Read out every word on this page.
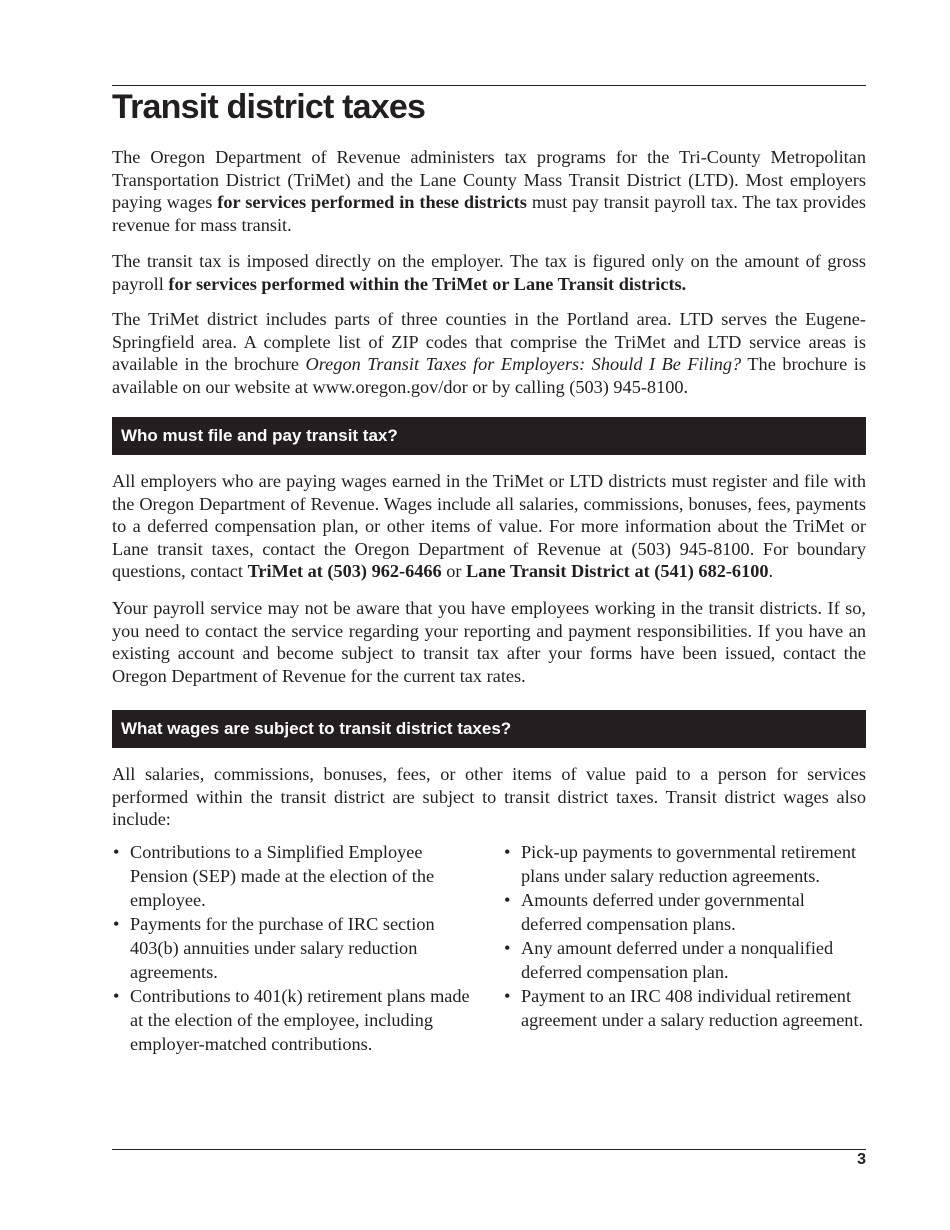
Transit district taxes

The Oregon Department of Revenue administers tax programs for the Tri-County Metropolitan Transportation District (TriMet) and the Lane County Mass Transit District (LTD). Most employers paying wages for services performed in these districts must pay transit payroll tax. The tax provides revenue for mass transit.

The transit tax is imposed directly on the employer. The tax is figured only on the amount of gross payroll for services performed within the TriMet or Lane Transit districts.

The TriMet district includes parts of three counties in the Portland area. LTD serves the Eugene-Springfield area. A complete list of ZIP codes that comprise the TriMet and LTD service areas is available in the brochure Oregon Transit Taxes for Employers: Should I Be Filing? The brochure is available on our website at www.oregon.gov/dor or by calling (503) 945-8100.

Who must file and pay transit tax?

All employers who are paying wages earned in the TriMet or LTD districts must register and file with the Oregon Department of Revenue. Wages include all salaries, commissions, bonuses, fees, payments to a deferred compensation plan, or other items of value. For more information about the TriMet or Lane transit taxes, contact the Oregon Department of Revenue at (503) 945-8100. For boundary questions, contact TriMet at (503) 962-6466 or Lane Transit District at (541) 682-6100.

Your payroll service may not be aware that you have employees working in the transit districts. If so, you need to contact the service regarding your reporting and payment responsibilities. If you have an existing account and become subject to transit tax after your forms have been issued, contact the Oregon Department of Revenue for the current tax rates.

What wages are subject to transit district taxes?

All salaries, commissions, bonuses, fees, or other items of value paid to a person for services performed within the transit district are subject to transit district taxes. Transit district wages also include:

• Contributions to a Simplified Employee Pension (SEP) made at the election of the employee.
• Payments for the purchase of IRC section 403(b) annuities under salary reduction agreements.
• Contributions to 401(k) retirement plans made at the election of the employee, including employer-matched contributions.
• Pick-up payments to governmental retirement plans under salary reduction agreements.
• Amounts deferred under governmental deferred compensation plans.
• Any amount deferred under a nonqualified deferred compensation plan.
• Payment to an IRC 408 individual retirement agreement under a salary reduction agreement.
3
